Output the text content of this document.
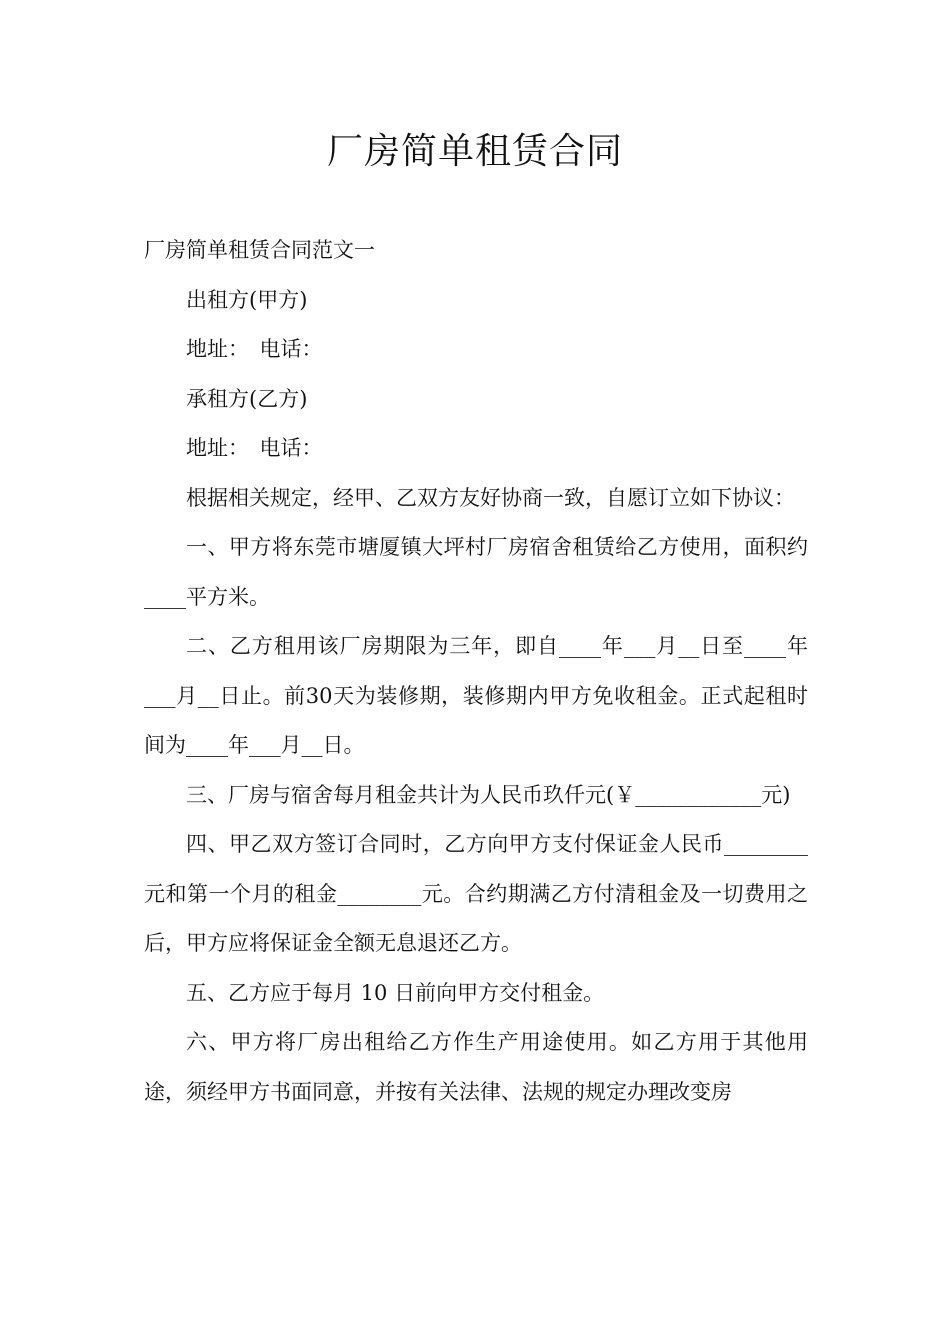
厂房简单租赁合同

厂房简单租赁合同范文一

出租方(甲方)

地址：　电话：

承租方(乙方)

地址：　电话：

根据相关规定，经甲、乙双方友好协商一致，自愿订立如下协议：

一、甲方将东莞市塘厦镇大坪村厂房宿舍租赁给乙方使用，面积约____平方米。

二、乙方租用该厂房期限为三年，即自____年___月__日至____年___月__日止。前30天为装修期，装修期内甲方免收租金。正式起租时间为____年___月__日。

三、厂房与宿舍每月租金共计为人民币玖仟元(￥____________元)

四、甲乙双方签订合同时，乙方向甲方支付保证金人民币________元和第一个月的租金________元。合约期满乙方付清租金及一切费用之后，甲方应将保证金全额无息退还乙方。

五、乙方应于每月 10 日前向甲方交付租金。

六、甲方将厂房出租给乙方作生产用途使用。如乙方用于其他用途，须经甲方书面同意，并按有关法律、法规的规定办理改变房
